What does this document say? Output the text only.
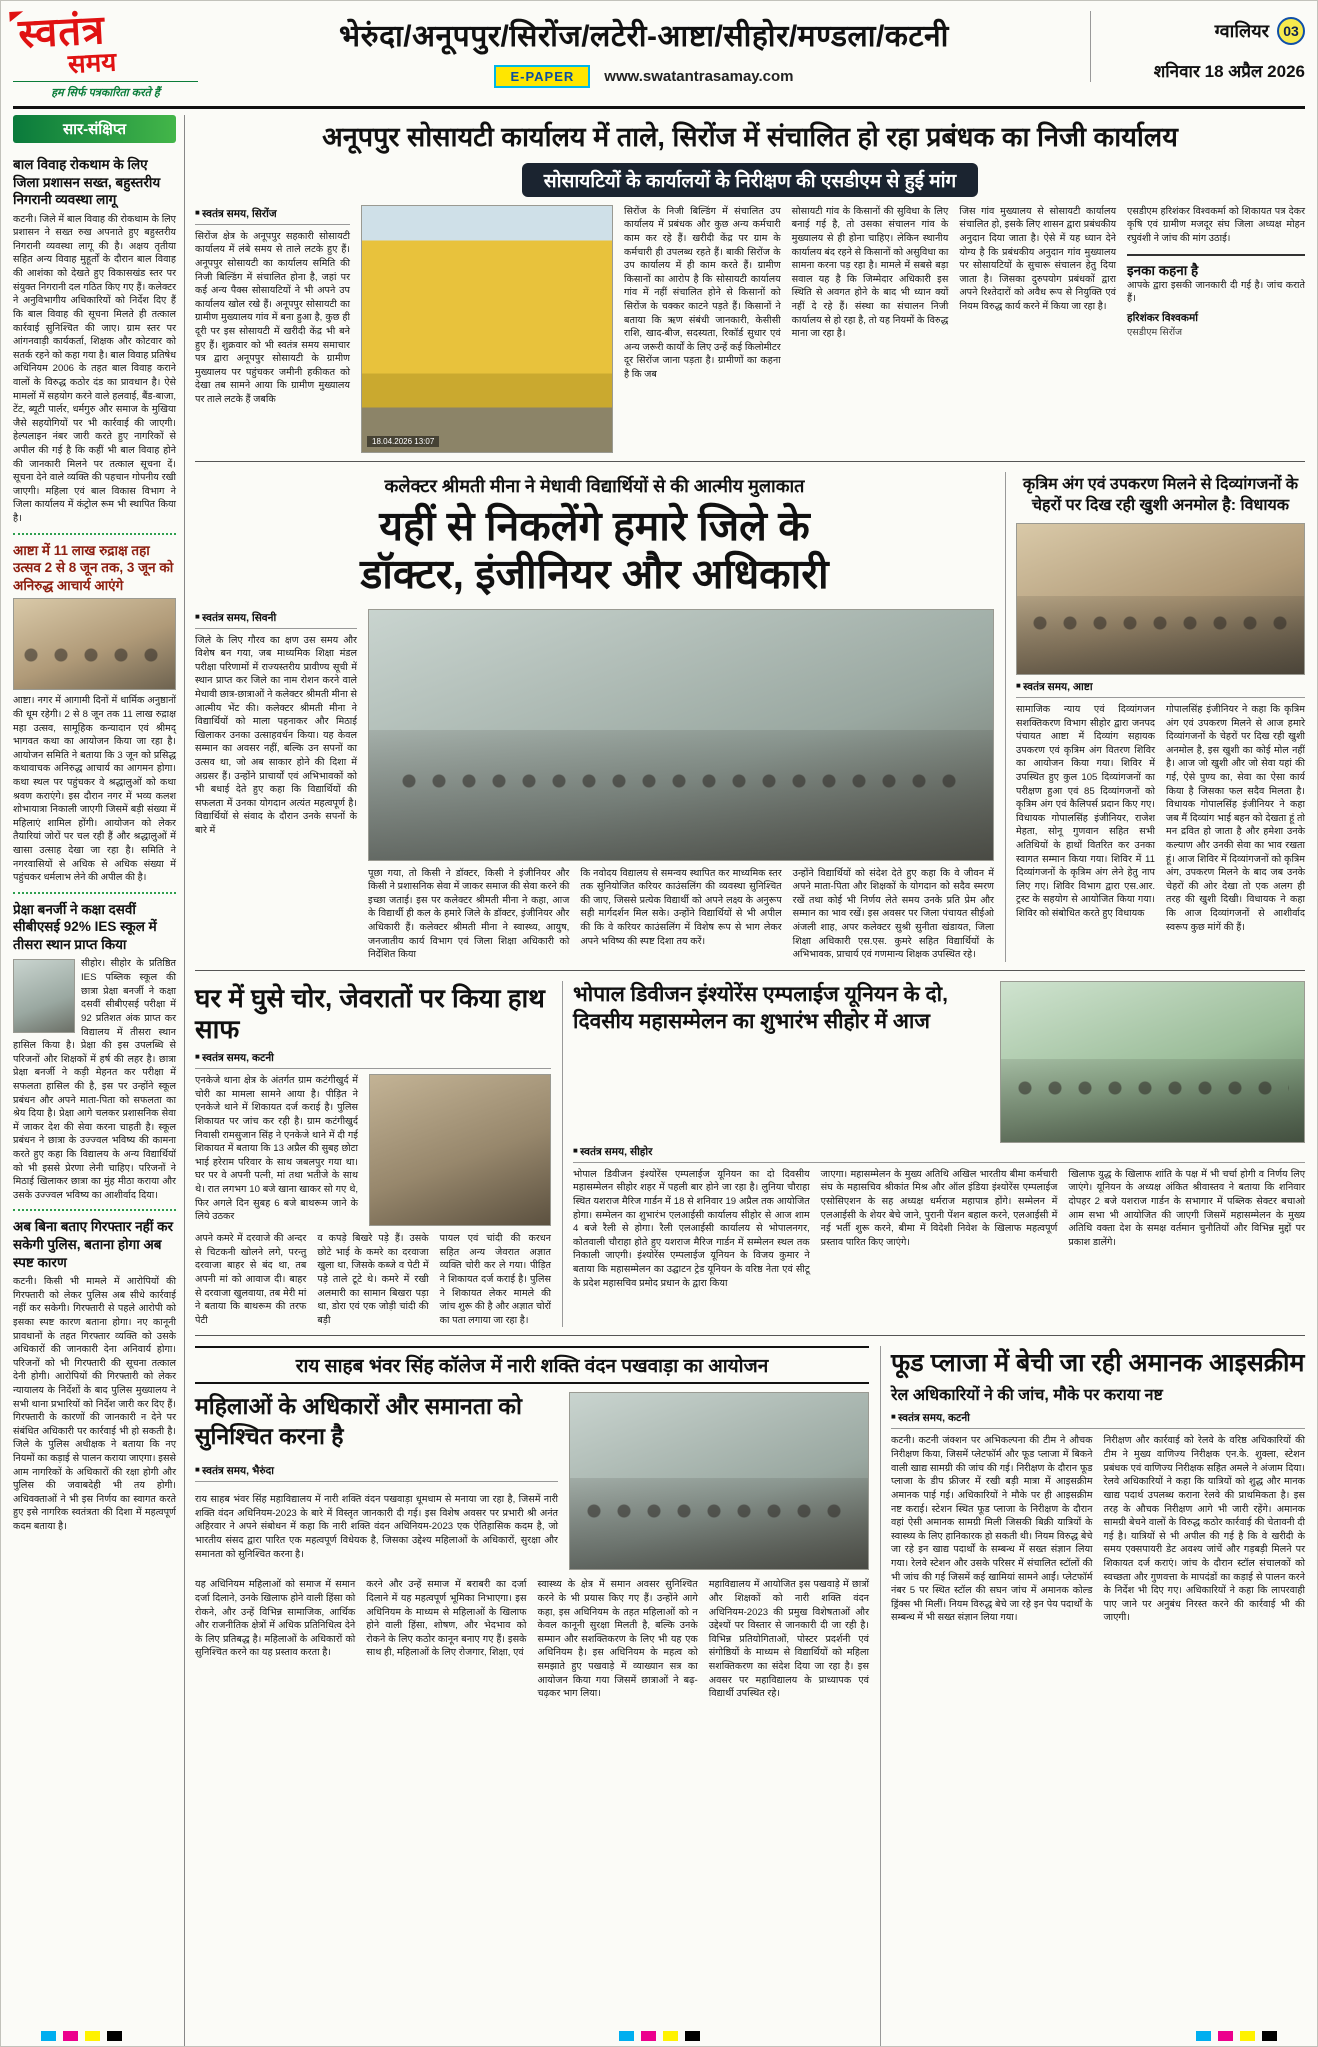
स्वतंत्र
समय
हम सिर्फ पत्रकारिता करते हैं
भेरुंदा/अनूपपुर/सिरोंज/लटेरी-आष्टा/सीहोर/मण्डला/कटनी
E-PAPER	www.swatantrasamay.com
ग्वालियर	03
शनिवार 18 अप्रैल 2026
सार-संक्षिप्त
बाल विवाह रोकथाम के लिए जिला प्रशासन सख्त, बहुस्तरीय निगरानी व्यवस्था लागू

कटनी। जिले में बाल विवाह की रोकथाम के लिए प्रशासन ने सख्त रुख अपनाते हुए बहुस्तरीय निगरानी व्यवस्था लागू की है। अक्षय तृतीया सहित अन्य विवाह मुहूर्तों के दौरान बाल विवाह की आशंका को देखते हुए विकासखंड स्तर पर संयुक्त निगरानी दल गठित किए गए हैं। कलेक्टर ने अनुविभागीय अधिकारियों को निर्देश दिए हैं कि बाल विवाह की सूचना मिलते ही तत्काल कार्रवाई सुनिश्चित की जाए। ग्राम स्तर पर आंगनवाड़ी कार्यकर्ता, शिक्षक और कोटवार को सतर्क रहने को कहा गया है। बाल विवाह प्रतिषेध अधिनियम 2006 के तहत बाल विवाह कराने वालों के विरुद्ध कठोर दंड का प्रावधान है। ऐसे मामलों में सहयोग करने वाले हलवाई, बैंड-बाजा, टेंट, ब्यूटी पार्लर, धर्मगुरु और समाज के मुखिया जैसे सहयोगियों पर भी कार्रवाई की जाएगी। हेल्पलाइन नंबर जारी करते हुए नागरिकों से अपील की गई है कि कहीं भी बाल विवाह होने की जानकारी मिलने पर तत्काल सूचना दें। सूचना देने वाले व्यक्ति की पहचान गोपनीय रखी जाएगी। महिला एवं बाल विकास विभाग ने जिला कार्यालय में कंट्रोल रूम भी स्थापित किया है।

आष्टा में 11 लाख रुद्राक्ष तहा उत्सव 2 से 8 जून तक, 3 जून को अनिरुद्ध आचार्य आएंगे

आष्टा। नगर में आगामी दिनों में धार्मिक अनुष्ठानों की धूम रहेगी। 2 से 8 जून तक 11 लाख रुद्राक्ष महा उत्सव, सामूहिक कन्यादान एवं श्रीमद् भागवत कथा का आयोजन किया जा रहा है। आयोजन समिति ने बताया कि 3 जून को प्रसिद्ध कथावाचक अनिरुद्ध आचार्य का आगमन होगा। कथा स्थल पर पहुंचकर वे श्रद्धालुओं को कथा श्रवण कराएंगे। इस दौरान नगर में भव्य कलश शोभायात्रा निकाली जाएगी जिसमें बड़ी संख्या में महिलाएं शामिल होंगी। आयोजन को लेकर तैयारियां जोरों पर चल रही हैं और श्रद्धालुओं में खासा उत्साह देखा जा रहा है। समिति ने नगरवासियों से अधिक से अधिक संख्या में पहुंचकर धर्मलाभ लेने की अपील की है।

प्रेक्षा बनर्जी ने कक्षा दसवीं सीबीएसई 92% IES स्कूल में तीसरा स्थान प्राप्त किया
सीहोर। सीहोर के प्रतिष्ठित IES पब्लिक स्कूल की छात्रा प्रेक्षा बनर्जी ने कक्षा दसवीं सीबीएसई परीक्षा में 92 प्रतिशत अंक प्राप्त कर विद्यालय में तीसरा स्थान हासिल किया है। प्रेक्षा की इस उपलब्धि से परिजनों और शिक्षकों में हर्ष की लहर है। छात्रा प्रेक्षा बनर्जी ने कड़ी मेहनत कर परीक्षा में सफलता हासिल की है, इस पर उन्होंने स्कूल प्रबंधन और अपने माता-पिता को सफलता का श्रेय दिया है। प्रेक्षा आगे चलकर प्रशासनिक सेवा में जाकर देश की सेवा करना चाहती है। स्कूल प्रबंधन ने छात्रा के उज्ज्वल भविष्य की कामना करते हुए कहा कि विद्यालय के अन्य विद्यार्थियों को भी इससे प्रेरणा लेनी चाहिए। परिजनों ने मिठाई खिलाकर छात्रा का मुंह मीठा कराया और उसके उज्ज्वल भविष्य का आशीर्वाद दिया।
अब बिना बताए गिरफ्तार नहीं कर सकेगी पुलिस, बताना होगा अब स्पष्ट कारण

कटनी। किसी भी मामले में आरोपियों की गिरफ्तारी को लेकर पुलिस अब सीधे कार्रवाई नहीं कर सकेगी। गिरफ्तारी से पहले आरोपी को इसका स्पष्ट कारण बताना होगा। नए कानूनी प्रावधानों के तहत गिरफ्तार व्यक्ति को उसके अधिकारों की जानकारी देना अनिवार्य होगा। परिजनों को भी गिरफ्तारी की सूचना तत्काल देनी होगी। आरोपियों की गिरफ्तारी को लेकर न्यायालय के निर्देशों के बाद पुलिस मुख्यालय ने सभी थाना प्रभारियों को निर्देश जारी कर दिए हैं। गिरफ्तारी के कारणों की जानकारी न देने पर संबंधित अधिकारी पर कार्रवाई भी हो सकती है। जिले के पुलिस अधीक्षक ने बताया कि नए नियमों का कड़ाई से पालन कराया जाएगा। इससे आम नागरिकों के अधिकारों की रक्षा होगी और पुलिस की जवाबदेही भी तय होगी। अधिवक्ताओं ने भी इस निर्णय का स्वागत करते हुए इसे नागरिक स्वतंत्रता की दिशा में महत्वपूर्ण कदम बताया है।

अनूपपुर सोसायटी कार्यालय में ताले, सिरोंज में संचालित हो रहा प्रबंधक का निजी कार्यालय
सोसायटियों के कार्यालयों के निरीक्षण की एसडीएम से हुई मांग
■ स्वतंत्र समय, सिरोंज

सिरोंज क्षेत्र के अनूपपुर सहकारी सोसायटी कार्यालय में लंबे समय से ताले लटके हुए हैं। अनूपपुर सोसायटी का कार्यालय समिति की निजी बिल्डिंग में संचालित होना है, जहां पर कई अन्य पैक्स सोसायटियों ने भी अपने उप कार्यालय खोल रखे हैं। अनूपपुर सोसायटी का ग्रामीण मुख्यालय गांव में बना हुआ है, कुछ ही दूरी पर इस सोसायटी में खरीदी केंद्र भी बने हुए हैं। शुक्रवार को भी स्वतंत्र समय समाचार पत्र द्वारा अनूपपुर सोसायटी के ग्रामीण मुख्यालय पर पहुंचकर जमीनी हकीकत को देखा तब सामने आया कि ग्रामीण मुख्यालय पर ताले लटके हैं जबकि

18.04.2026 13:07

सिरोंज के निजी बिल्डिंग में संचालित उप कार्यालय में प्रबंधक और कुछ अन्य कर्मचारी काम कर रहे हैं। खरीदी केंद्र पर ग्राम के कर्मचारी ही उपलब्ध रहते हैं। बाकी सिरोंज के उप कार्यालय में ही काम करते हैं। ग्रामीण किसानों का आरोप है कि सोसायटी कार्यालय गांव में नहीं संचालित होने से किसानों को सिरोंज के चक्कर काटने पड़ते हैं। किसानों ने बताया कि ऋण संबंधी जानकारी, केसीसी राशि, खाद-बीज, सदस्यता, रिकॉर्ड सुधार एवं अन्य जरूरी कार्यों के लिए उन्हें कई किलोमीटर दूर सिरोंज जाना पड़ता है। ग्रामीणों का कहना है कि जब

सोसायटी गांव के किसानों की सुविधा के लिए बनाई गई है, तो उसका संचालन गांव के मुख्यालय से ही होना चाहिए। लेकिन स्थानीय कार्यालय बंद रहने से किसानों को असुविधा का सामना करना पड़ रहा है। मामले में सबसे बड़ा सवाल यह है कि जिम्मेदार अधिकारी इस स्थिति से अवगत होने के बाद भी ध्यान क्यों नहीं दे रहे हैं। संस्था का संचालन निजी कार्यालय से हो रहा है, तो यह नियमों के विरुद्ध माना जा रहा है।

जिस गांव मुख्यालय से सोसायटी कार्यालय संचालित हो, इसके लिए शासन द्वारा प्रबंधकीय अनुदान दिया जाता है। ऐसे में यह ध्यान देने योग्य है कि प्रबंधकीय अनुदान गांव मुख्यालय पर सोसायटियों के सुचारू संचालन हेतु दिया जाता है। जिसका दुरुपयोग प्रबंधकों द्वारा अपने रिश्तेदारों को अवैध रूप से नियुक्ति एवं नियम विरुद्ध कार्य करने में किया जा रहा है।

एसडीएम हरिशंकर विश्वकर्मा को शिकायत पत्र देकर कृषि एवं ग्रामीण मजदूर संघ जिला अध्यक्ष मोहन रघुवंशी ने जांच की मांग उठाई।

इनका कहना है

आपके द्वारा इसकी जानकारी दी गई है। जांच कराते हैं।

हरिशंकर विश्वकर्मा
एसडीएम सिरोंज
कलेक्टर श्रीमती मीना ने मेधावी विद्यार्थियों से की आत्मीय मुलाकात
यहीं से निकलेंगे हमारे जिले के
डॉक्टर, इंजीनियर और अधिकारी
■ स्वतंत्र समय, सिवनी

जिले के लिए गौरव का क्षण उस समय और विशेष बन गया, जब माध्यमिक शिक्षा मंडल परीक्षा परिणामों में राज्यस्तरीय प्रावीण्य सूची में स्थान प्राप्त कर जिले का नाम रोशन करने वाले मेधावी छात्र-छात्राओं ने कलेक्टर श्रीमती मीना से आत्मीय भेंट की। कलेक्टर श्रीमती मीना ने विद्यार्थियों को माला पहनाकर और मिठाई खिलाकर उनका उत्साहवर्धन किया। यह केवल सम्मान का अवसर नहीं, बल्कि उन सपनों का उत्सव था, जो अब साकार होने की दिशा में अग्रसर हैं। उन्होंने प्राचार्यों एवं अभिभावकों को भी बधाई देते हुए कहा कि विद्यार्थियों की सफलता में उनका योगदान अत्यंत महत्वपूर्ण है। विद्यार्थियों से संवाद के दौरान उनके सपनों के बारे में

पूछा गया, तो किसी ने डॉक्टर, किसी ने इंजीनियर और किसी ने प्रशासनिक सेवा में जाकर समाज की सेवा करने की इच्छा जताई। इस पर कलेक्टर श्रीमती मीना ने कहा, आज के विद्यार्थी ही कल के हमारे जिले के डॉक्टर, इंजीनियर और अधिकारी हैं। कलेक्टर श्रीमती मीना ने स्वास्थ्य, आयुष, जनजातीय कार्य विभाग एवं जिला शिक्षा अधिकारी को निर्देशित किया

कि नवोदय विद्यालय से समन्वय स्थापित कर माध्यमिक स्तर तक सुनियोजित करियर काउंसलिंग की व्यवस्था सुनिश्चित की जाए, जिससे प्रत्येक विद्यार्थी को अपने लक्ष्य के अनुरूप सही मार्गदर्शन मिल सके। उन्होंने विद्यार्थियों से भी अपील की कि वे करियर काउंसलिंग में विशेष रूप से भाग लेकर अपने भविष्य की स्पष्ट दिशा तय करें।

उन्होंने विद्यार्थियों को संदेश देते हुए कहा कि वे जीवन में अपने माता-पिता और शिक्षकों के योगदान को सदैव स्मरण रखें तथा कोई भी निर्णय लेते समय उनके प्रति प्रेम और सम्मान का भाव रखें। इस अवसर पर जिला पंचायत सीईओ अंजली शाह, अपर कलेक्टर सुश्री सुनीता खंडायत, जिला शिक्षा अधिकारी एस.एस. कुमरे सहित विद्यार्थियों के अभिभावक, प्राचार्य एवं गणमान्य शिक्षक उपस्थित रहे।

कृत्रिम अंग एवं उपकरण मिलने से दिव्यांगजनों के चेहरों पर दिख रही खुशी अनमोल है: विधायक
■ स्वतंत्र समय, आष्टा

सामाजिक न्याय एवं दिव्यांगजन सशक्तिकरण विभाग सीहोर द्वारा जनपद पंचायत आष्टा में दिव्यांग सहायक उपकरण एवं कृत्रिम अंग वितरण शिविर का आयोजन किया गया। शिविर में उपस्थित हुए कुल 105 दिव्यांगजनों का परीक्षण हुआ एवं 85 दिव्यांगजनों को कृत्रिम अंग एवं कैलिपर्स प्रदान किए गए। विधायक गोपालसिंह इंजीनियर, राजेश मेहता, सोनू गुणवान सहित सभी अतिथियों के हाथों वितरित कर उनका स्वागत सम्मान किया गया। शिविर में 11 दिव्यांगजनों के कृत्रिम अंग लेने हेतु नाप लिए गए। शिविर विभाग द्वारा एस.आर. ट्रस्ट के सहयोग से आयोजित किया गया। शिविर को संबोधित करते हुए विधायक

गोपालसिंह इंजीनियर ने कहा कि कृत्रिम अंग एवं उपकरण मिलने से आज हमारे दिव्यांगजनों के चेहरों पर दिख रही खुशी अनमोल है, इस खुशी का कोई मोल नहीं है। आज जो खुशी और जो सेवा यहां की गई, ऐसे पुण्य का, सेवा का ऐसा कार्य किया है जिसका फल सदैव मिलता है। विधायक गोपालसिंह इंजीनियर ने कहा जब मैं दिव्यांग भाई बहन को देखता हूं तो मन द्रवित हो जाता है और हमेशा उनके कल्याण और उनकी सेवा का भाव रखता हूं। आज शिविर में दिव्यांगजनों को कृत्रिम अंग, उपकरण मिलने के बाद जब उनके चेहरों की ओर देखा तो एक अलग ही तरह की खुशी दिखी। विधायक ने कहा कि आज दिव्यांगजनों से आशीर्वाद स्वरूप कुछ मांगें की हैं।

घर में घुसे चोर, जेवरातों पर किया हाथ साफ
■ स्वतंत्र समय, कटनी

एनकेजे थाना क्षेत्र के अंतर्गत ग्राम कटंगीखुर्द में चोरी का मामला सामने आया है। पीड़ित ने एनकेजे थाने में शिकायत दर्ज कराई है। पुलिस शिकायत पर जांच कर रही है। ग्राम कटंगीखुर्द निवासी रामसुजान सिंह ने एनकेजे थाने में दी गई शिकायत में बताया कि 13 अप्रैल की सुबह छोटा भाई हरेराम परिवार के साथ जबलपुर गया था। घर पर वे अपनी पत्नी, मां तथा भतीजे के साथ थे। रात लगभग 10 बजे खाना खाकर सो गए थे, फिर अगले दिन सुबह 6 बजे बाथरूम जाने के लिये उठकर

अपने कमरे में दरवाजे की अन्दर से चिटकनी खोलने लगे, परन्तु दरवाजा बाहर से बंद था, तब अपनी मां को आवाज दी। बाहर से दरवाजा खुलवाया, तब मेरी मां ने बताया कि बाथरूम की तरफ पेटी

व कपड़े बिखरे पड़े हैं। उसके छोटे भाई के कमरे का दरवाजा खुला था, जिसके कब्जे व पेटी में पड़े ताले टूटे थे। कमरे में रखी अलमारी का सामान बिखरा पड़ा था, डोरा एवं एक जोड़ी चांदी की बड़ी

पायल एवं चांदी की करधन सहित अन्य जेवरात अज्ञात व्यक्ति चोरी कर ले गया। पीड़ित ने शिकायत दर्ज कराई है। पुलिस ने शिकायत लेकर मामले की जांच शुरू की है और अज्ञात चोरों का पता लगाया जा रहा है।

भोपाल डिवीजन इंश्योरेंस एम्पलाईज यूनियन के दो, दिवसीय महासम्मेलन का शुभारंभ सीहोर में आज
■ स्वतंत्र समय, सीहोर

भोपाल डिवीजन इंश्योरेंस एम्पलाईज यूनियन का दो दिवसीय महासम्मेलन सीहोर शहर में पहली बार होने जा रहा है। लुनिया चौराहा स्थित यशराज मैरिज गार्डन में 18 से शनिवार 19 अप्रैल तक आयोजित होगा। सम्मेलन का शुभारंभ एलआईसी कार्यालय सीहोर से आज शाम 4 बजे रैली से होगा। रैली एलआईसी कार्यालय से भोपालनगर, कोतवाली चौराहा होते हुए यशराज मैरिज गार्डन में सम्मेलन स्थल तक निकाली जाएगी। इंश्योरेंस एम्पलाईज यूनियन के विजय कुमार ने बताया कि महासम्मेलन का उद्घाटन ट्रेड यूनियन के वरिष्ठ नेता एवं सीटू के प्रदेश महासचिव प्रमोद प्रधान के द्वारा किया

जाएगा। महासम्मेलन के मुख्य अतिथि अखिल भारतीय बीमा कर्मचारी संघ के महासचिव श्रीकांत मिश्र और ऑल इंडिया इंश्योरेंस एम्पलाईज एसोसिएशन के सह अध्यक्ष धर्मराज महापात्र होंगे। सम्मेलन में एलआईसी के शेयर बेचे जाने, पुरानी पेंशन बहाल करने, एलआईसी में नई भर्ती शुरू करने, बीमा में विदेशी निवेश के खिलाफ महत्वपूर्ण प्रस्ताव पारित किए जाएंगे।

खिलाफ युद्ध के खिलाफ शांति के पक्ष में भी चर्चा होगी व निर्णय लिए जाएंगे। यूनियन के अध्यक्ष अंकित श्रीवास्तव ने बताया कि शनिवार दोपहर 2 बजे यशराज गार्डन के सभागार में पब्लिक सेक्टर बचाओ आम सभा भी आयोजित की जाएगी जिसमें महासम्मेलन के मुख्य अतिथि वक्ता देश के समक्ष वर्तमान चुनौतियों और विभिन्न मुद्दों पर प्रकाश डालेंगे।

राय साहब भंवर सिंह कॉलेज में नारी शक्ति वंदन पखवाड़ा का आयोजन
महिलाओं के अधिकारों और समानता को सुनिश्चित करना है
■ स्वतंत्र समय, भैरुंदा

राय साहब भंवर सिंह महाविद्यालय में नारी शक्ति वंदन पखवाड़ा धूमधाम से मनाया जा रहा है, जिसमें नारी शक्ति वंदन अधिनियम-2023 के बारे में विस्तृत जानकारी दी गई। इस विशेष अवसर पर प्रभारी श्री अनंत अहिरवार ने अपने संबोधन में कहा कि नारी शक्ति वंदन अधिनियम-2023 एक ऐतिहासिक कदम है, जो भारतीय संसद द्वारा पारित एक महत्वपूर्ण विधेयक है, जिसका उद्देश्य महिलाओं के अधिकारों, सुरक्षा और समानता को सुनिश्चित करना है।

यह अधिनियम महिलाओं को समाज में समान दर्जा दिलाने, उनके खिलाफ होने वाली हिंसा को रोकने, और उन्हें विभिन्न सामाजिक, आर्थिक और राजनीतिक क्षेत्रों में अधिक प्रतिनिधित्व देने के लिए प्रतिबद्ध है। महिलाओं के अधिकारों को सुनिश्चित करने का यह प्रस्ताव करता है।

करने और उन्हें समाज में बराबरी का दर्जा दिलाने में यह महत्वपूर्ण भूमिका निभाएगा। इस अधिनियम के माध्यम से महिलाओं के खिलाफ होने वाली हिंसा, शोषण, और भेदभाव को रोकने के लिए कठोर कानून बनाए गए हैं। इसके साथ ही, महिलाओं के लिए रोजगार, शिक्षा, एवं

स्वास्थ्य के क्षेत्र में समान अवसर सुनिश्चित करने के भी प्रयास किए गए हैं। उन्होंने आगे कहा, इस अधिनियम के तहत महिलाओं को न केवल कानूनी सुरक्षा मिलती है, बल्कि उनके सम्मान और सशक्तिकरण के लिए भी यह एक अधिनियम है। इस अधिनियम के महत्व को समझाते हुए पखवाड़े में व्याख्यान सत्र का आयोजन किया गया जिसमें छात्राओं ने बढ़-चढ़कर भाग लिया।

महाविद्यालय में आयोजित इस पखवाड़े में छात्रों और शिक्षकों को नारी शक्ति वंदन अधिनियम-2023 की प्रमुख विशेषताओं और उद्देश्यों पर विस्तार से जानकारी दी जा रही है। विभिन्न प्रतियोगिताओं, पोस्टर प्रदर्शनी एवं संगोष्ठियों के माध्यम से विद्यार्थियों को महिला सशक्तिकरण का संदेश दिया जा रहा है। इस अवसर पर महाविद्यालय के प्राध्यापक एवं विद्यार्थी उपस्थित रहे।

फूड प्लाजा में बेची जा रही अमानक आइसक्रीम
रेल अधिकारियों ने की जांच, मौके पर कराया नष्ट
■ स्वतंत्र समय, कटनी

कटनी। कटनी जंक्शन पर अभिकल्पना की टीम ने औचक निरीक्षण किया, जिसमें प्लेटफॉर्म और फूड प्लाजा में बिकने वाली खाद्य सामग्री की जांच की गई। निरीक्षण के दौरान फूड प्लाजा के डीप फ्रीजर में रखी बड़ी मात्रा में आइसक्रीम अमानक पाई गई। अधिकारियों ने मौके पर ही आइसक्रीम नष्ट कराई। स्टेशन स्थित फूड प्लाजा के निरीक्षण के दौरान वहां ऐसी अमानक सामग्री मिली जिसकी बिक्री यात्रियों के स्वास्थ्य के लिए हानिकारक हो सकती थी। नियम विरुद्ध बेचे जा रहे इन खाद्य पदार्थों के सम्बन्ध में सख्त संज्ञान लिया गया। रेलवे स्टेशन और उसके परिसर में संचालित स्टॉलों की भी जांच की गई जिसमें कई खामियां सामने आईं। प्लेटफॉर्म नंबर 5 पर स्थित स्टॉल की सघन जांच में अमानक कोल्ड ड्रिंक्स भी मिलीं। नियम विरुद्ध बेचे जा रहे इन पेय पदार्थों के सम्बन्ध में भी सख्त संज्ञान लिया गया।

निरीक्षण और कार्रवाई को रेलवे के वरिष्ठ अधिकारियों की टीम ने मुख्य वाणिज्य निरीक्षक एन.के. शुक्ला, स्टेशन प्रबंधक एवं वाणिज्य निरीक्षक सहित अमले ने अंजाम दिया। रेलवे अधिकारियों ने कहा कि यात्रियों को शुद्ध और मानक खाद्य पदार्थ उपलब्ध कराना रेलवे की प्राथमिकता है। इस तरह के औचक निरीक्षण आगे भी जारी रहेंगे। अमानक सामग्री बेचने वालों के विरुद्ध कठोर कार्रवाई की चेतावनी दी गई है। यात्रियों से भी अपील की गई है कि वे खरीदी के समय एक्सपायरी डेट अवश्य जांचें और गड़बड़ी मिलने पर शिकायत दर्ज कराएं। जांच के दौरान स्टॉल संचालकों को स्वच्छता और गुणवत्ता के मापदंडों का कड़ाई से पालन करने के निर्देश भी दिए गए। अधिकारियों ने कहा कि लापरवाही पाए जाने पर अनुबंध निरस्त करने की कार्रवाई भी की जाएगी।
